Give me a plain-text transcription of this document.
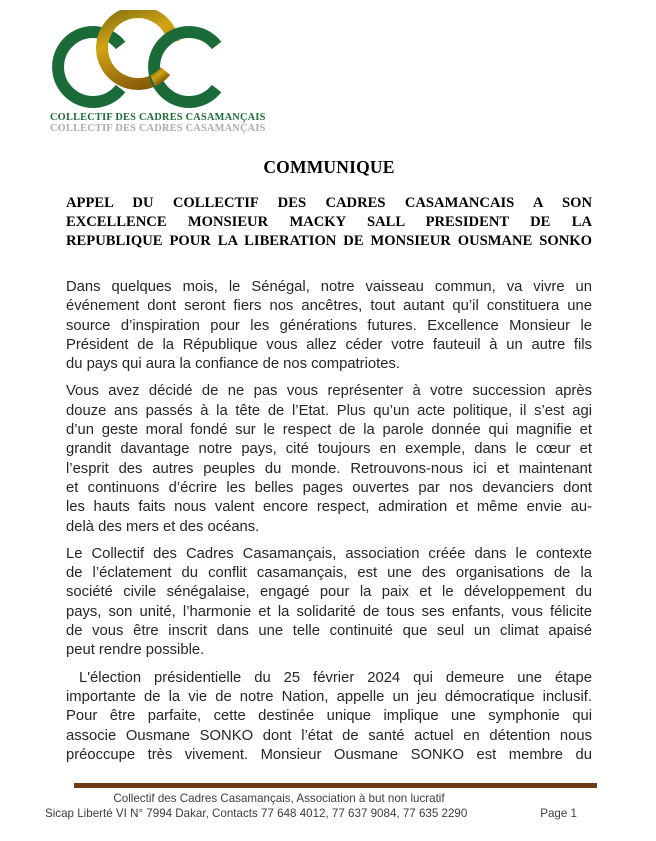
COLLECTIF DES CADRES CASAMANÇAIS
COLLECTIF DES CADRES CASAMANÇAIS
COMMUNIQUE
APPEL DU COLLECTIF DES CADRES CASAMANCAIS A SON
EXCELLENCE MONSIEUR MACKY SALL PRESIDENT DE LA
REPUBLIQUE POUR LA LIBERATION DE MONSIEUR OUSMANE SONKO
Dans quelques mois, le Sénégal, notre vaisseau commun, va vivre un
événement dont seront fiers nos ancêtres, tout autant qu’il constituera une
source d’inspiration pour les générations futures. Excellence Monsieur le
Président de la République vous allez céder votre fauteuil à un autre fils
du pays qui aura la confiance de nos compatriotes.
Vous avez décidé de ne pas vous représenter à votre succession après
douze ans passés à la tête de l’Etat. Plus qu’un acte politique, il s’est agi
d’un geste moral fondé sur le respect de la parole donnée qui magnifie et
grandit davantage notre pays, cité toujours en exemple, dans le cœur et
l’esprit des autres peuples du monde. Retrouvons-nous ici et maintenant
et continuons d’écrire les belles pages ouvertes par nos devanciers dont
les hauts faits nous valent encore respect, admiration et même envie au-
delà des mers et des océans.
Le Collectif des Cadres Casamançais, association créée dans le contexte
de l’éclatement du conflit casamançais, est une des organisations de la
société civile sénégalaise, engagé pour la paix et le développement du
pays, son unité, l’harmonie et la solidarité de tous ses enfants, vous félicite
de vous être inscrit dans une telle continuité que seul un climat apaisé
peut rendre possible.
L'élection présidentielle du 25 février 2024 qui demeure une étape
importante de la vie de notre Nation, appelle un jeu démocratique inclusif.
Pour être parfaite, cette destinée unique implique une symphonie qui
associe Ousmane SONKO dont l’état de santé actuel en détention nous
préoccupe très vivement. Monsieur Ousmane SONKO est membre du
Collectif des Cadres Casamançais, Association à but non lucratif
Sicap Liberté VI N° 7994 Dakar, Contacts 77 648 4012, 77 637 9084, 77 635 2290	Page 1
